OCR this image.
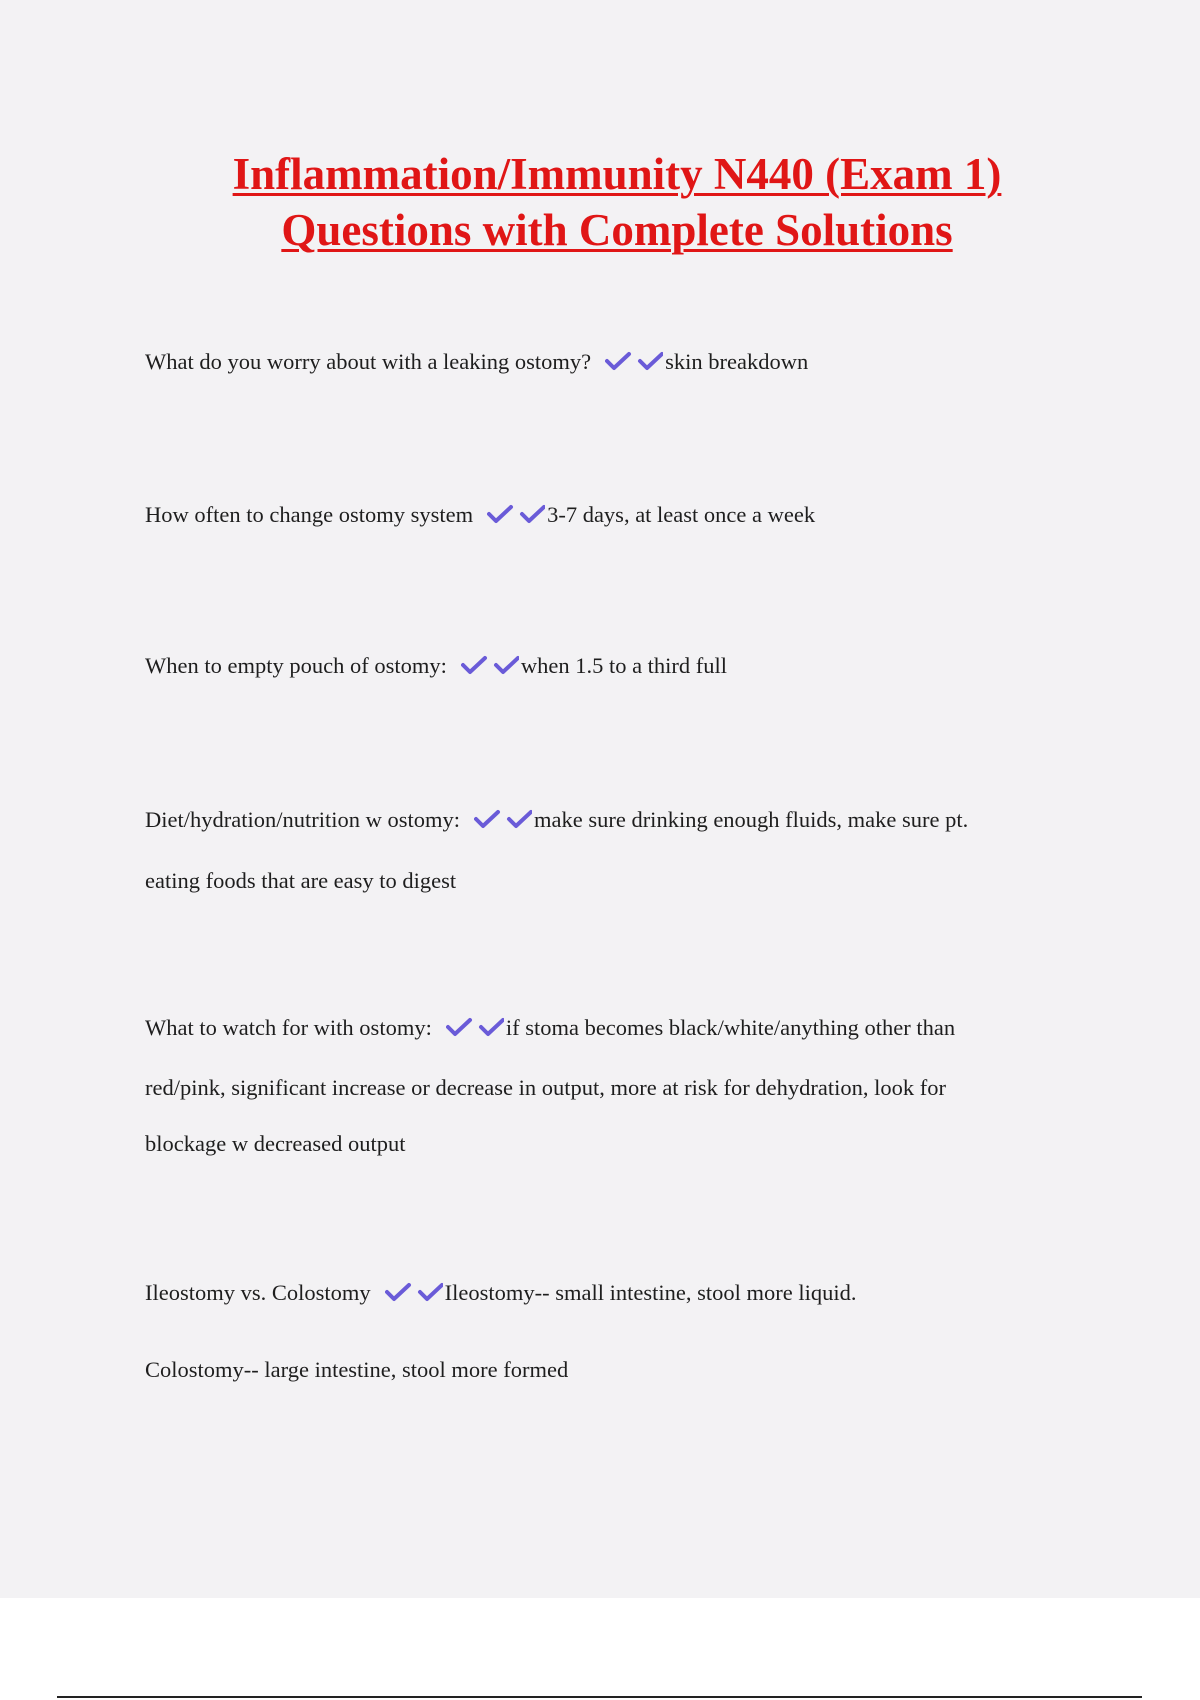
Inflammation/Immunity N440 (Exam 1)
Questions with Complete Solutions
What do you worry about with a leaking ostomy?	skin breakdown
How often to change ostomy system	3-7 days, at least once a week
When to empty pouch of ostomy:	when 1.5 to a third full
Diet/hydration/nutrition w ostomy:	make sure drinking enough fluids, make sure pt.
eating foods that are easy to digest
What to watch for with ostomy:	if stoma becomes black/white/anything other than
red/pink, significant increase or decrease in output, more at risk for dehydration, look for
blockage w decreased output
Ileostomy vs. Colostomy	Ileostomy-- small intestine, stool more liquid.
Colostomy-- large intestine, stool more formed
